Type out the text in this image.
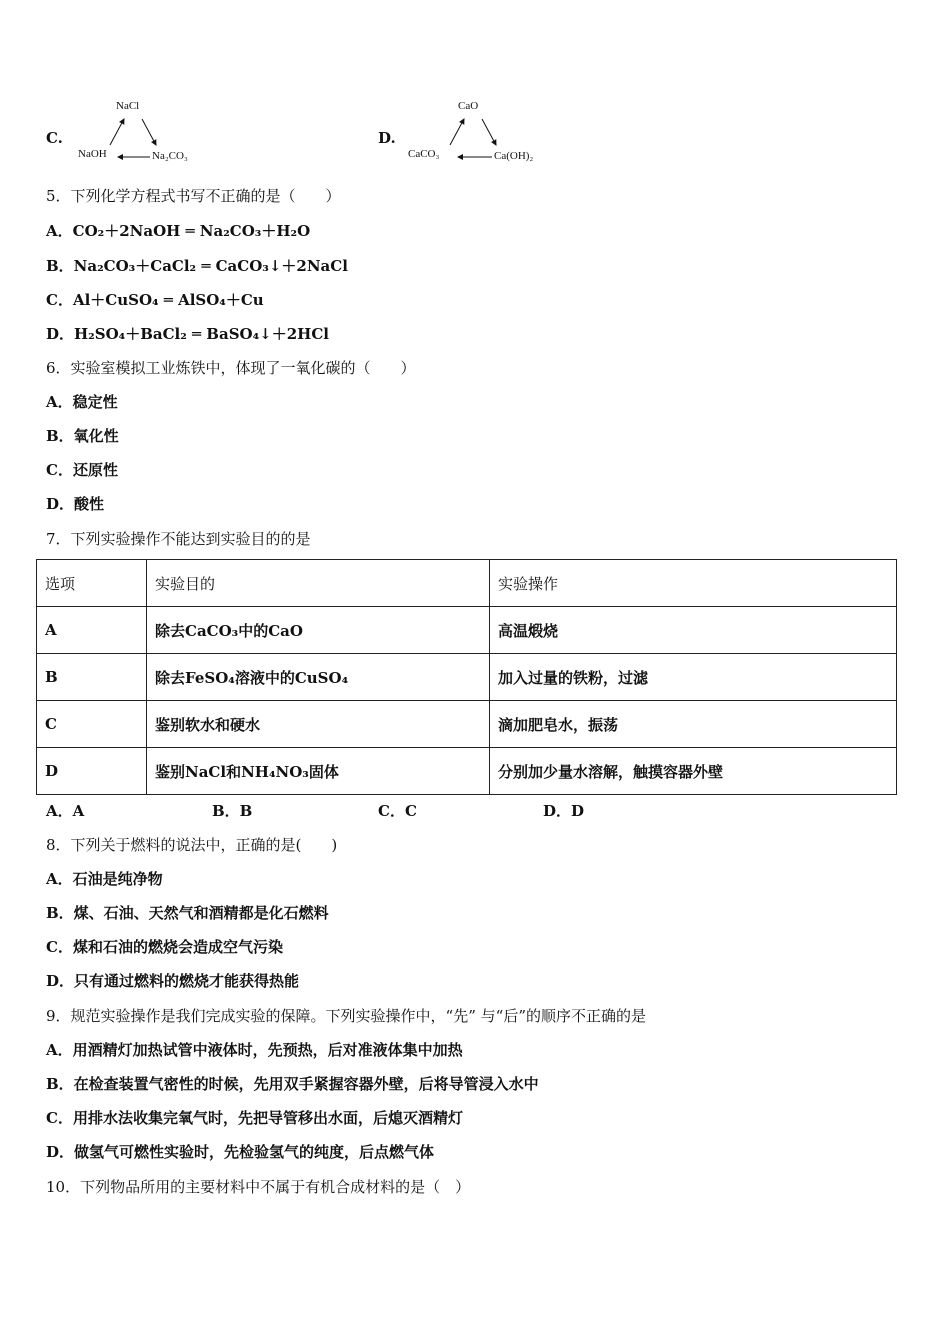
C.
NaCl
NaOH	Na₂CO₃
D.
CaO
CaCO₃	Ca(OH)₂
5．下列化学方程式书写不正确的是（　　）
A．CO₂＋2NaOH ═ Na₂CO₃＋H₂O
B．Na₂CO₃＋CaCl₂ ═ CaCO₃↓＋2NaCl
C．Al＋CuSO₄ ═ AlSO₄＋Cu
D．H₂SO₄＋BaCl₂ ═ BaSO₄↓＋2HCl
6．实验室模拟工业炼铁中，体现了一氧化碳的（　　）
A．稳定性
B．氧化性
C．还原性
D．酸性
7．下列实验操作不能达到实验目的的是
选项	实验目的	实验操作
A	除去CaCO₃中的CaO	高温煅烧
B	除去FeSO₄溶液中的CuSO₄	加入过量的铁粉，过滤
C	鉴别软水和硬水	滴加肥皂水，振荡
D	鉴别NaCl和NH₄NO₃固体	分别加少量水溶解，触摸容器外壁
A．A	B．B	C．C	D．D
8．下列关于燃料的说法中，正确的是(　　)
A．石油是纯净物
B．煤、石油、天然气和酒精都是化石燃料
C．煤和石油的燃烧会造成空气污染
D．只有通过燃料的燃烧才能获得热能
9．规范实验操作是我们完成实验的保障。下列实验操作中，“先” 与“后”的顺序不正确的是
A．用酒精灯加热试管中液体时，先预热，后对准液体集中加热
B．在检查装置气密性的时候，先用双手紧握容器外壁，后将导管浸入水中
C．用排水法收集完氧气时，先把导管移出水面，后熄灭酒精灯
D．做氢气可燃性实验时，先检验氢气的纯度，后点燃气体
10．下列物品所用的主要材料中不属于有机合成材料的是（　）
